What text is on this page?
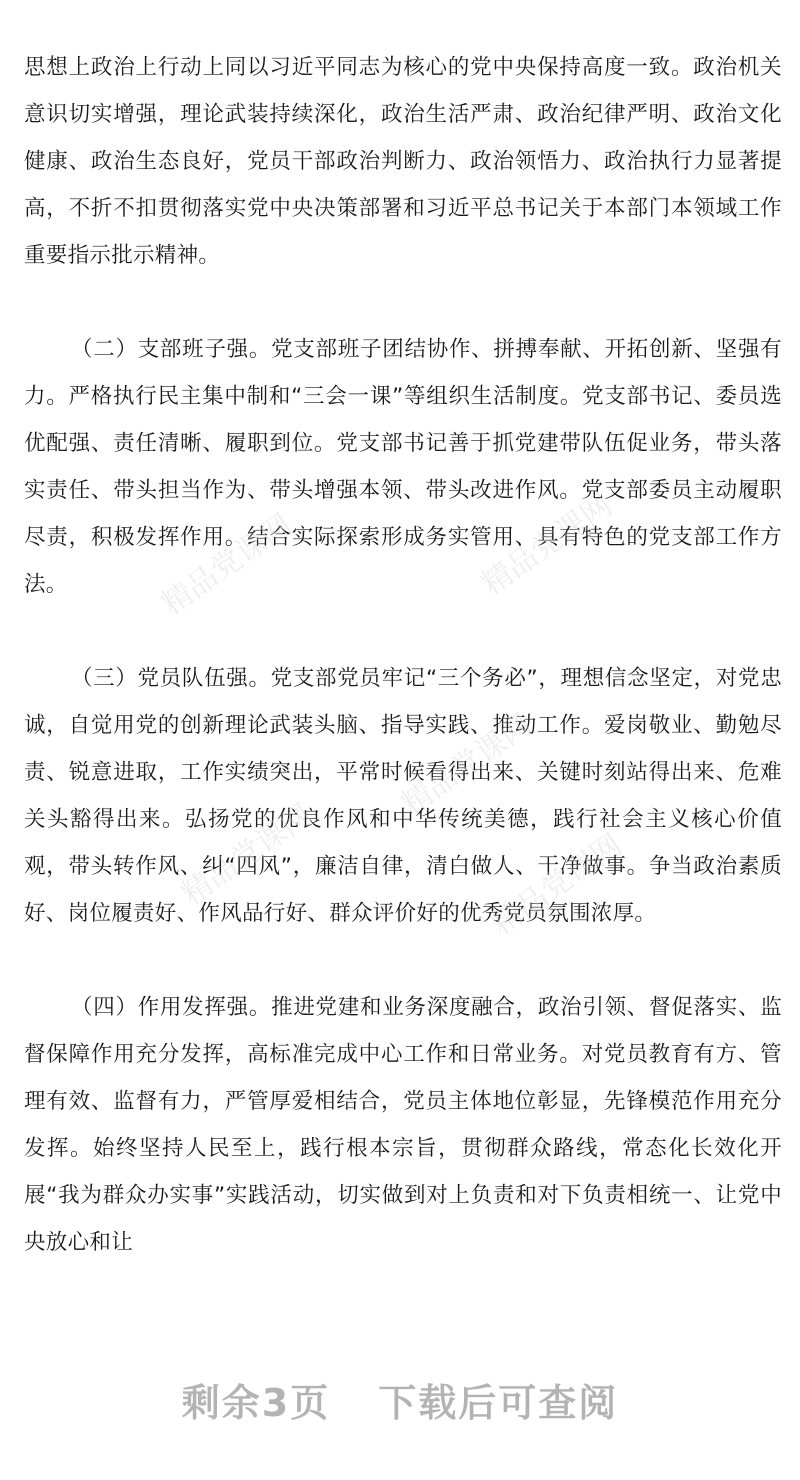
思想上政治上行动上同以习近平同志为核心的党中央保持高度一致。政治机关意识切实增强，理论武装持续深化，政治生活严肃、政治纪律严明、政治文化健康、政治生态良好，党员干部政治判断力、政治领悟力、政治执行力显著提高，不折不扣贯彻落实党中央决策部署和习近平总书记关于本部门本领域工作重要指示批示精神。

（二）支部班子强。党支部班子团结协作、拼搏奉献、开拓创新、坚强有力。严格执行民主集中制和“三会一课”等组织生活制度。党支部书记、委员选优配强、责任清晰、履职到位。党支部书记善于抓党建带队伍促业务，带头落实责任、带头担当作为、带头增强本领、带头改进作风。党支部委员主动履职尽责，积极发挥作用。结合实际探索形成务实管用、具有特色的党支部工作方法。

（三）党员队伍强。党支部党员牢记“三个务必”，理想信念坚定，对党忠诚，自觉用党的创新理论武装头脑、指导实践、推动工作。爱岗敬业、勤勉尽责、锐意进取，工作实绩突出，平常时候看得出来、关键时刻站得出来、危难关头豁得出来。弘扬党的优良作风和中华传统美德，践行社会主义核心价值观，带头转作风、纠“四风”，廉洁自律，清白做人、干净做事。争当政治素质好、岗位履责好、作风品行好、群众评价好的优秀党员氛围浓厚。

（四）作用发挥强。推进党建和业务深度融合，政治引领、督促落实、监督保障作用充分发挥，高标准完成中心工作和日常业务。对党员教育有方、管理有效、监督有力，严管厚爱相结合，党员主体地位彰显，先锋模范作用充分发挥。始终坚持人民至上，践行根本宗旨，贯彻群众路线，常态化长效化开展“我为群众办实事”实践活动，切实做到对上负责和对下负责相统一、让党中央放心和让

精品党课网	精品党课网
精品党课网
精品党课网
精品党课网
剩余3页 下载后可查阅
